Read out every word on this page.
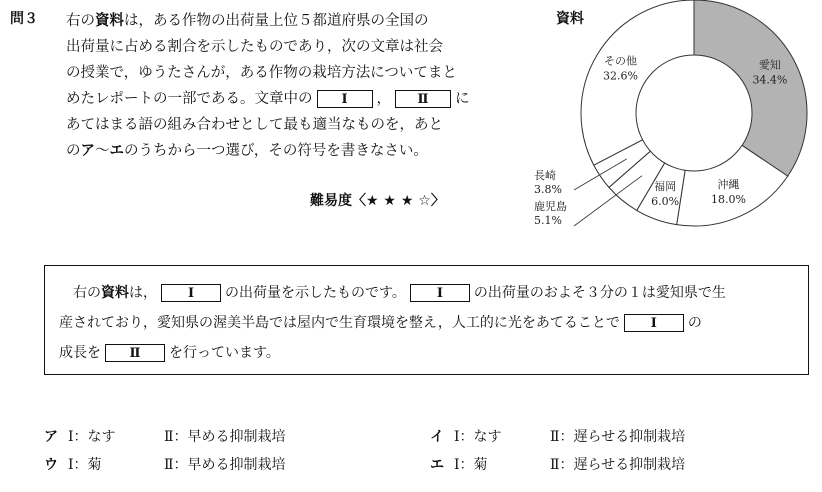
問３ 右の資料は，ある作物の出荷量上位５都道府県の全国の
出荷量に占める割合を示したものであり，次の文章は社会
の授業で，ゆうたさんが，ある作物の栽培方法についてまと
めたレポートの一部である。文章中の Ⅰ ， Ⅱ に
あてはまる語の組み合わせとして最も適当なものを，あと
のア～エのうちから一つ選び，その符号を書きなさい。
難易度〈★ ★ ★ ☆〉
資料
愛知
34.4%
沖縄
18.0%
福岡
6.0%
鹿児島
5.1%
長崎
3.8%
その他
32.6%
　右の資料は， Ⅰ の出荷量を示したものです。 Ⅰ の出荷量のおよそ３分の１は愛知県で生
産されており，愛知県の渥美半島では屋内で生育環境を整え，人工的に光をあてることで Ⅰ の
成長を Ⅱ を行っています。
ア Ⅰ：なす	Ⅱ：早める抑制栽培	イ Ⅰ：なす	Ⅱ：遅らせる抑制栽培
ウ Ⅰ：菊	Ⅱ：早める抑制栽培	エ Ⅰ：菊	Ⅱ：遅らせる抑制栽培
